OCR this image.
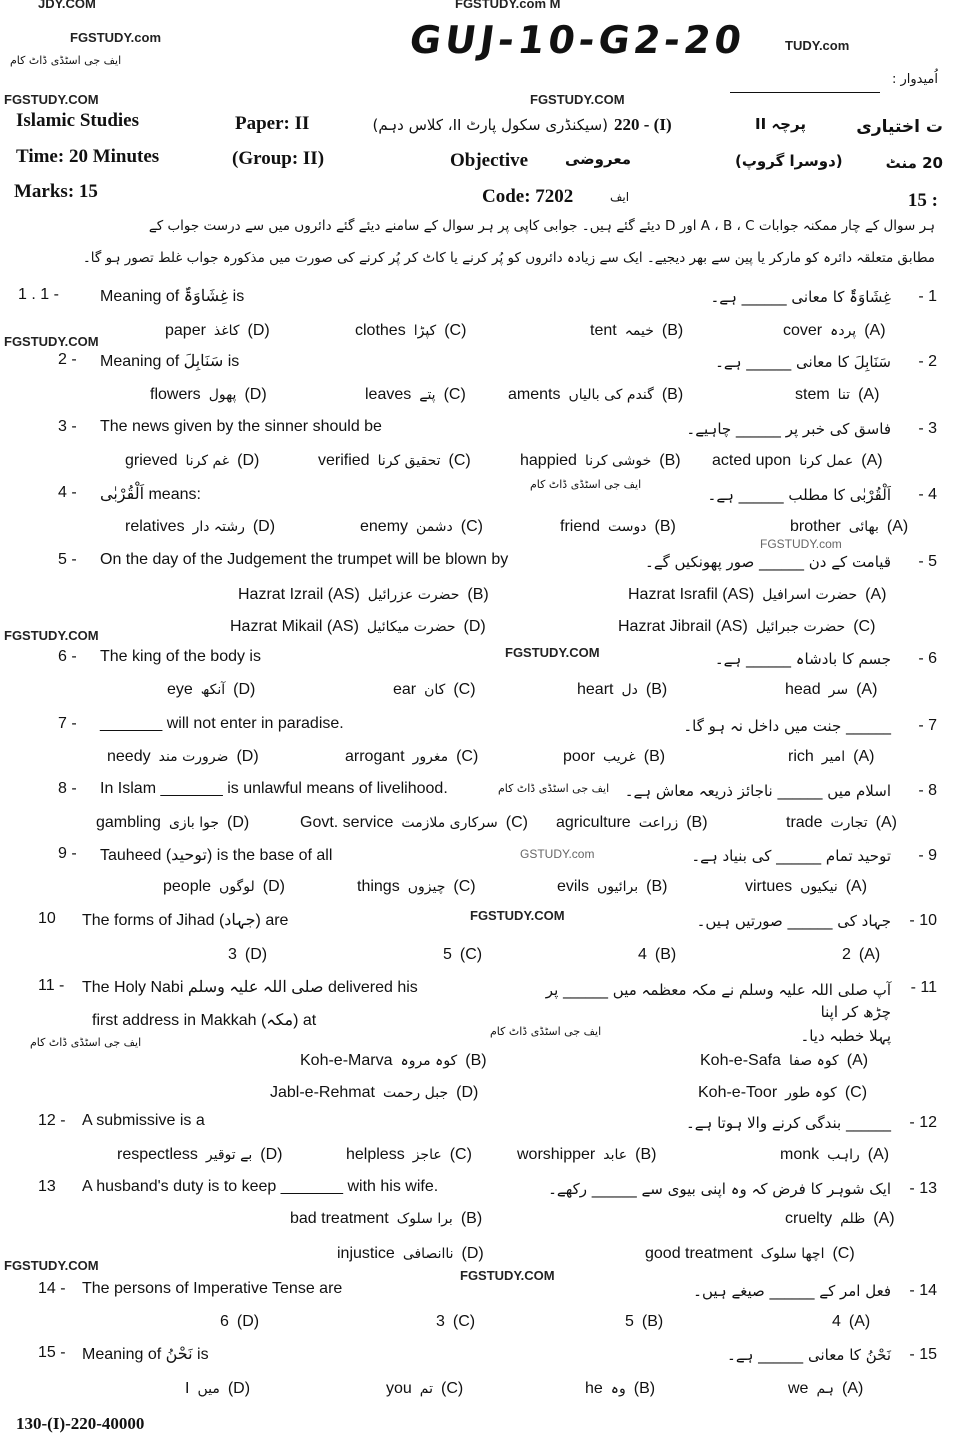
GUJ-10-G2-20
اُمیدوار :
Islamic Studies	Paper: II	(سیکنڈری سکول پارٹ II، کلاس دہم) 220 - (I)	پرچہ II	ت اختیاری
Time: 20 Minutes	(Group: II)	Objective معروضی	(دوسرا گروپ)	20 منٹ
Marks: 15	Code: 7202	ایف	15 :
ہر سوال کے چار ممکنہ جوابات A ، B ، C اور D دیئے گئے ہیں۔ جوابی کاپی پر ہر سوال کے سامنے دیئے گئے دائروں میں سے درست جواب کے
مطابق متعلقہ دائرہ کو مارکر یا پین سے بھر دیجیے۔ ایک سے زیادہ دائروں کو پُر کرنے یا کاٹ کر پُر کرنے کی صورت میں مذکورہ جواب غلط تصور ہو گا۔
JDY.COM
FGSTUDY.com
FGSTUDY.com M
ایف جی اسٹڈی ڈاٹ کام
TUDY.com
FGSTUDY.COM	FGSTUDY.COM
FGSTUDY.COM
FGSTUDY.COM
FGSTUDY.COM
FGSTUDY.COM
FGSTUDY.COM
FGSTUDY.COM
GSTUDY.com
FGSTUDY.com
ایف جی اسٹڈی ڈاٹ کام
ایف جی اسٹڈی ڈاٹ کام
ایف جی اسٹڈی ڈاٹ کام
ایف جی اسٹڈی ڈاٹ کام
1 . 1 -	Meaning of غِشَاوَۃٌ is	- 1
غِشَاوَۃٌ کا معانی ______ ہے۔
paper کاغذ (D)	clothes کپڑا (C)	tent خیمہ (B)	cover پردہ (A)
2 - Meaning of سَنَابِلَ is	- 2
سَنَابِلَ کا معانی ______ ہے۔
flowers پھول (D)	leaves پتے (C)	aments گندم کی بالیاں (B)	stem تنا (A)
3 - The news given by the sinner should be	- 3
فاسق کی خبر پر ______ چاہیے۔
grieved غم کرنا (D)	verified تحقیق کرنا (C)	happied خوشی کرنا (B) acted upon عمل کرنا (A)
4 - اَلْقُرْبٰی means:	- 4
اَلْقُرْبٰی کا مطلب ______ ہے۔
relatives رشتہ دار (D)	enemy دشمن (C)	friend دوست (B)	brother بھائی (A)
5 - On the day of the Judgement the trumpet will be blown by	- 5
قیامت کے دن ______ صور پھونکیں گے۔
Hazrat Izrail (AS) حضرت عزرائیل (B)	Hazrat Israfil (AS) حضرت اسرافیل (A)
Hazrat Mikail (AS) حضرت میکائیل (D)	Hazrat Jibrail (AS) حضرت جبرائیل (C)
6 - The king of the body is	- 6
جسم کا بادشاہ ______ ہے۔
eye آنکھ (D)	ear کان (C)	heart دل (B)	head سر (A)
7 - _______ will not enter in paradise.	- 7
______ جنت میں داخل نہ ہو گا۔
needy ضرورت مند (D)	arrogant مغرور (C)	poor غریب (B)	rich امیر (A)
8 - In Islam _______ is unlawful means of livelihood.	- 8
اسلام میں ______ ناجائز ذریعہ معاش ہے۔
gambling جوا بازی (D)	Govt. service سرکاری ملازمت (C) agriculture زراعت (B)	trade تجارت (A)
9 - Tauheed (توحید) is the base of all	- 9
توحید تمام ______ کی بنیاد ہے۔
people لوگوں (D)	things چیزوں (C)	evils برائیوں (B)	virtues نیکیوں (A)
10 The forms of Jihad (جہاد) are	- 10
جہاد کی ______ صورتیں ہیں۔
3 (D)	5 (C)	4 (B)	2 (A)
11 - The Holy Nabi صلی اللہ علیہ وسلم delivered his
first address in Makkah (مکہ) at
- 11
آپ صلی اللہ علیہ وسلم نے مکہ معظمہ میں ______ پر چڑھ کر اپنا
پہلا خطبہ دیا۔
Koh-e-Marva کوہ مروہ (B)	Koh-e-Safa کوہ صفا (A)
Jabl-e-Rehmat جبل رحمت (D)	Koh-e-Toor کوہ طور (C)
12 - A submissive is a	- 12
______ بندگی کرنے والا ہوتا ہے۔
respectless بے توقیر (D)	helpless عاجز (C)	worshipper عابد (B)	monk راہب (A)
13 A husband's duty is to keep _______ with his wife.	- 13
ایک شوہر کا فرض کہ وہ اپنی بیوی سے ______ رکھے۔
bad treatment برا سلوک (B)	cruelty ظلم (A)
injustice ناانصافی (D)	good treatment اچھا سلوک (C)
14 - The persons of Imperative Tense are	- 14
فعل امر کے ______ صیغے ہیں۔
6 (D)	3 (C)	5 (B)	4 (A)
15 - Meaning of نَحْنُ is	- 15
نَحْنُ کا معانی ______ ہے۔
I میں (D)	you تم (C)	he وہ (B)	we ہم (A)
130-(I)-220-40000
